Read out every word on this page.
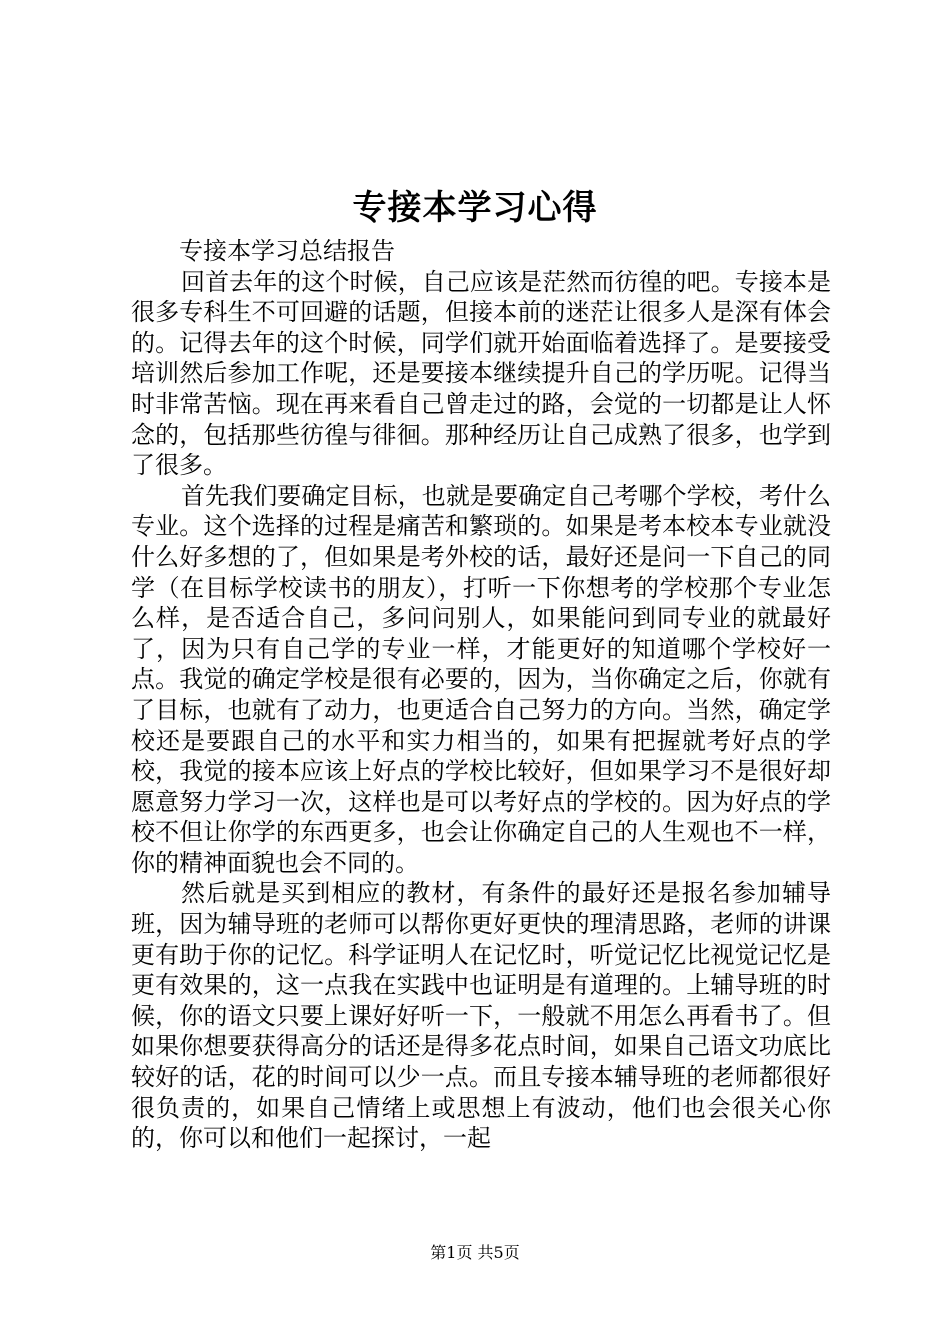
专接本学习心得

专接本学习总结报告

回首去年的这个时候，自己应该是茫然而彷徨的吧。专接本是很多专科生不可回避的话题，但接本前的迷茫让很多人是深有体会的。记得去年的这个时候，同学们就开始面临着选择了。是要接受培训然后参加工作呢，还是要接本继续提升自己的学历呢。记得当时非常苦恼。现在再来看自己曾走过的路，会觉的一切都是让人怀念的，包括那些彷徨与徘徊。那种经历让自己成熟了很多，也学到了很多。

首先我们要确定目标，也就是要确定自己考哪个学校，考什么专业。这个选择的过程是痛苦和繁琐的。如果是考本校本专业就没什么好多想的了，但如果是考外校的话，最好还是问一下自己的同学（在目标学校读书的朋友），打听一下你想考的学校那个专业怎么样，是否适合自己，多问问别人，如果能问到同专业的就最好了，因为只有自己学的专业一样，才能更好的知道哪个学校好一点。我觉的确定学校是很有必要的，因为，当你确定之后，你就有了目标，也就有了动力，也更适合自己努力的方向。当然，确定学校还是要跟自己的水平和实力相当的，如果有把握就考好点的学校，我觉的接本应该上好点的学校比较好，但如果学习不是很好却愿意努力学习一次，这样也是可以考好点的学校的。因为好点的学校不但让你学的东西更多，也会让你确定自己的人生观也不一样，你的精神面貌也会不同的。

然后就是买到相应的教材，有条件的最好还是报名参加辅导班，因为辅导班的老师可以帮你更好更快的理清思路，老师的讲课更有助于你的记忆。科学证明人在记忆时，听觉记忆比视觉记忆是更有效果的，这一点我在实践中也证明是有道理的。上辅导班的时候，你的语文只要上课好好听一下，一般就不用怎么再看书了。但如果你想要获得高分的话还是得多花点时间，如果自己语文功底比较好的话，花的时间可以少一点。而且专接本辅导班的老师都很好很负责的，如果自己情绪上或思想上有波动，他们也会很关心你的，你可以和他们一起探讨，一起

第1页 共5页
